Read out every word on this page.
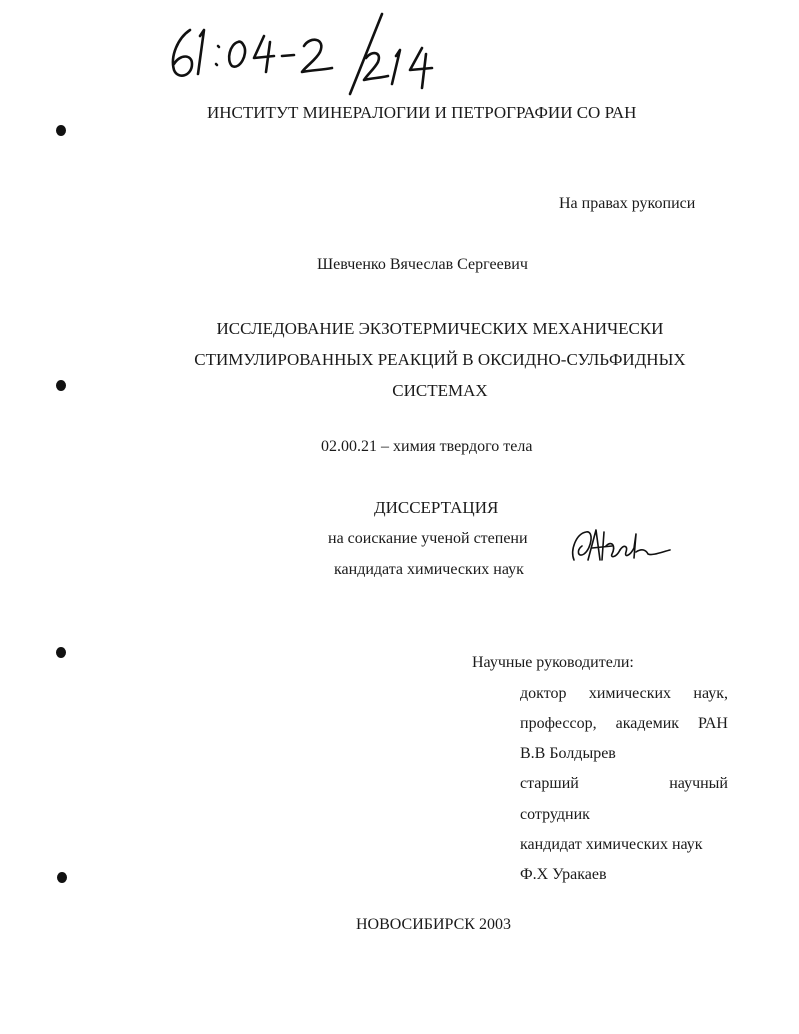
ИНСТИТУТ МИНЕРАЛОГИИ И ПЕТРОГРАФИИ СО РАН
На правах рукописи
Шевченко Вячеслав Сергеевич
ИССЛЕДОВАНИЕ ЭКЗОТЕРМИЧЕСКИХ МЕХАНИЧЕСКИ
СТИМУЛИРОВАННЫХ РЕАКЦИЙ В ОКСИДНО-СУЛЬФИДНЫХ
СИСТЕМАХ
02.00.21 – химия твердого тела
ДИССЕРТАЦИЯ
на соискание ученой степени
кандидата химических наук
Научные руководители:
доктор химических наук,
профессор, академик РАН
В.В Болдырев
старший	научный
сотрудник
кандидат химических наук
Ф.Х Уракаев
НОВОСИБИРСК 2003
